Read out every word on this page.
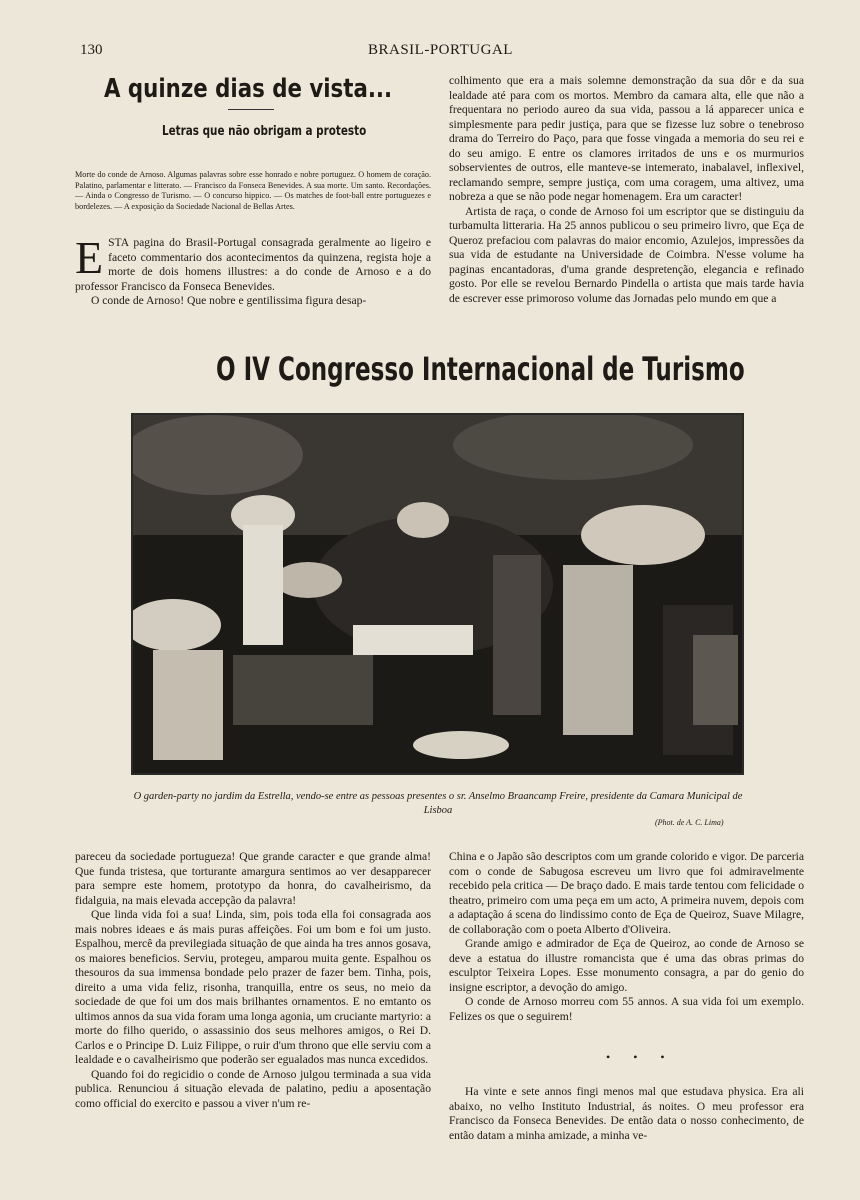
130	BRASIL-PORTUGAL
A quinze dias de vista...
Letras que não obrigam a protesto
Morte do conde de Arnoso. Algumas palavras sobre esse honrado e nobre portuguez. O homem de coração. Palatino, parlamentar e litterato. — Francisco da Fonseca Benevides. A sua morte. Um santo. Recordações. — Ainda o Congresso de Turismo. — O concurso hippico. — Os matches de foot-ball entre portuguezes e bordelezes. — A exposição da Sociedade Nacional de Bellas Artes.

ESTA pagina do Brasil-Portugal consagrada geralmente ao ligeiro e faceto commentario dos acontecimentos da quinzena, regista hoje a morte de dois homens illustres: a do conde de Arnoso e a do professor Francisco da Fonseca Benevides.

O conde de Arnoso! Que nobre e gentilissima figura desap-

colhimento que era a mais solemne demonstração da sua dôr e da sua lealdade até para com os mortos. Membro da camara alta, elle que não a frequentara no periodo aureo da sua vida, passou a lá apparecer unica e simplesmente para pedir justiça, para que se fizesse luz sobre o tenebroso drama do Terreiro do Paço, para que fosse vingada a memoria do seu rei e do seu amigo. E entre os clamores irritados de uns e os murmurios sobservientes de outros, elle manteve-se intemerato, inabalavel, inflexivel, reclamando sempre, sempre justiça, com uma coragem, uma altivez, uma nobreza a que se não pode negar homenagem. Era um caracter!

Artista de raça, o conde de Arnoso foi um escriptor que se distinguiu da turbamulta litteraria. Ha 25 annos publicou o seu primeiro livro, que Eça de Queroz prefaciou com palavras do maior encomio, Azulejos, impressões da sua vida de estudante na Universidade de Coimbra. N'esse volume ha paginas encantadoras, d'uma grande despretenção, elegancia e refinado gosto. Por elle se revelou Bernardo Pindella o artista que mais tarde havia de escrever esse primoroso volume das Jornadas pelo mundo em que a

O IV Congresso Internacional de Turismo
O garden-party no jardim da Estrella, vendo-se entre as pessoas presentes o sr. Anselmo Braancamp Freire, presidente da Camara Municipal de Lisboa
(Phot. de A. C. Lima)

pareceu da sociedade portugueza! Que grande caracter e que grande alma! Que funda tristesa, que torturante amargura sentimos ao ver desapparecer para sempre este homem, prototypo da honra, do cavalheirismo, da fidalguia, na mais elevada accepção da palavra!

Que linda vida foi a sua! Linda, sim, pois toda ella foi consagrada aos mais nobres ideaes e ás mais puras affeições. Foi um bom e foi um justo. Espalhou, mercê da previlegiada situação de que ainda ha tres annos gosava, os maiores beneficios. Serviu, protegeu, amparou muita gente. Espalhou os thesouros da sua immensa bondade pelo prazer de fazer bem. Tinha, pois, direito a uma vida feliz, risonha, tranquilla, entre os seus, no meio da sociedade de que foi um dos mais brilhantes ornamentos. E no emtanto os ultimos annos da sua vida foram uma longa agonia, um cruciante martyrio: a morte do filho querido, o assassinio dos seus melhores amigos, o Rei D. Carlos e o Principe D. Luiz Filippe, o ruir d'um throno que elle serviu com a lealdade e o cavalheirismo que poderão ser egualados mas nunca excedidos.

Quando foi do regicidio o conde de Arnoso julgou terminada a sua vida publica. Renunciou á situação elevada de palatino, pediu a aposentação como official do exercito e passou a viver n'um re-

China e o Japão são descriptos com um grande colorido e vigor. De parceria com o conde de Sabugosa escreveu um livro que foi admiravelmente recebido pela critica — De braço dado. E mais tarde tentou com felicidade o theatro, primeiro com uma peça em um acto, A primeira nuvem, depois com a adaptação á scena do lindissimo conto de Eça de Queiroz, Suave Milagre, de collaboração com o poeta Alberto d'Oliveira.

Grande amigo e admirador de Eça de Queiroz, ao conde de Arnoso se deve a estatua do illustre romancista que é uma das obras primas do esculptor Teixeira Lopes. Esse monumento consagra, a par do genio do insigne escriptor, a devoção do amigo.

O conde de Arnoso morreu com 55 annos. A sua vida foi um exemplo. Felizes os que o seguirem!

• • •

Ha vinte e sete annos fingi menos mal que estudava physica. Era ali abaixo, no velho Instituto Industrial, ás noites. O meu professor era Francisco da Fonseca Benevides. De então data o nosso conhecimento, de então datam a minha amizade, a minha ve-
